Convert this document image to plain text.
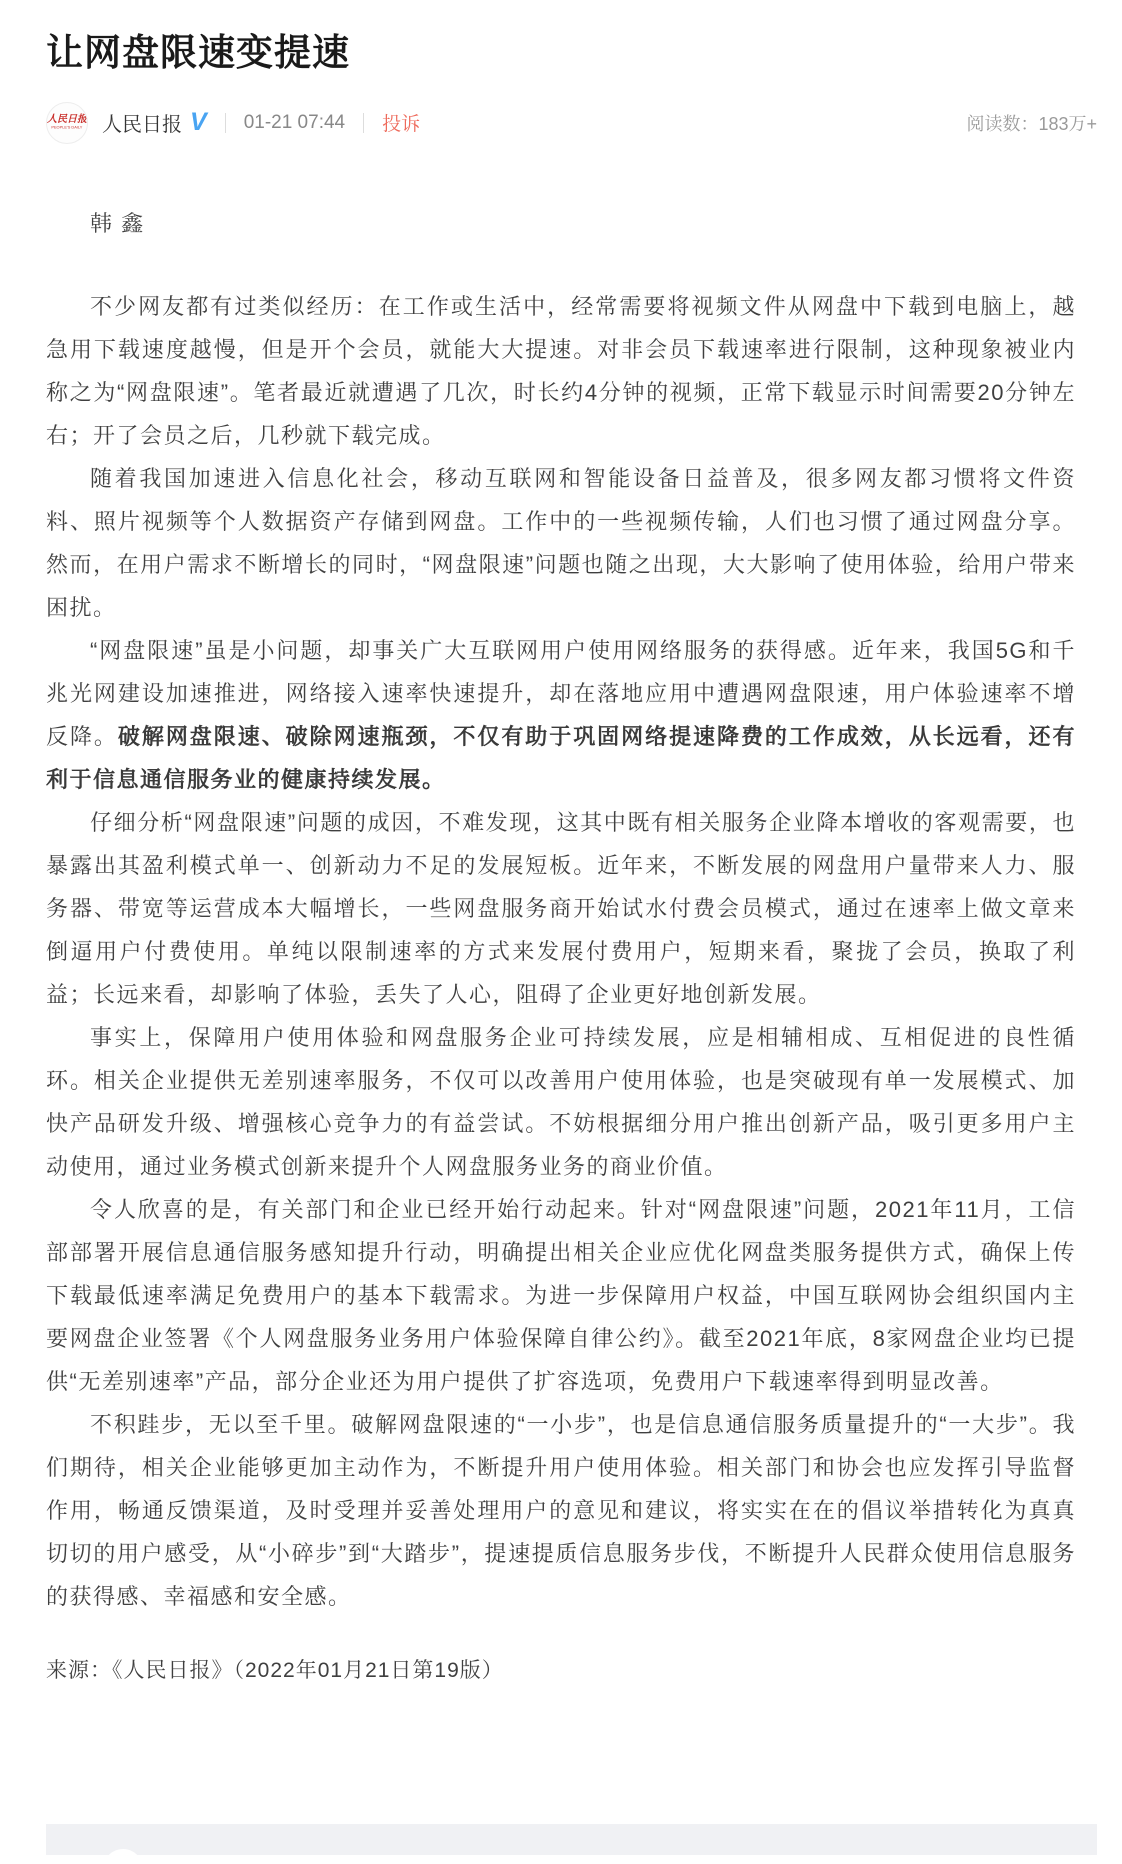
让网盘限速变提速
人民日报
PEOPLE'S DAILY 人民日报 V 01-21 07:44 投诉	阅读数：183万+

韩 鑫

不少网友都有过类似经历：在工作或生活中，经常需要将视频文件从网盘中下载到电脑上，越急用下载速度越慢，但是开个会员，就能大大提速。对非会员下载速率进行限制，这种现象被业内称之为“网盘限速”。笔者最近就遭遇了几次，时长约4分钟的视频，正常下载显示时间需要20分钟左右；开了会员之后，几秒就下载完成。

随着我国加速进入信息化社会，移动互联网和智能设备日益普及，很多网友都习惯将文件资料、照片视频等个人数据资产存储到网盘。工作中的一些视频传输，人们也习惯了通过网盘分享。然而，在用户需求不断增长的同时，“网盘限速”问题也随之出现，大大影响了使用体验，给用户带来困扰。

“网盘限速”虽是小问题，却事关广大互联网用户使用网络服务的获得感。近年来，我国5G和千兆光网建设加速推进，网络接入速率快速提升，却在落地应用中遭遇网盘限速，用户体验速率不增反降。破解网盘限速、破除网速瓶颈，不仅有助于巩固网络提速降费的工作成效，从长远看，还有利于信息通信服务业的健康持续发展。

仔细分析“网盘限速”问题的成因，不难发现，这其中既有相关服务企业降本增收的客观需要，也暴露出其盈利模式单一、创新动力不足的发展短板。近年来，不断发展的网盘用户量带来人力、服务器、带宽等运营成本大幅增长，一些网盘服务商开始试水付费会员模式，通过在速率上做文章来倒逼用户付费使用。单纯以限制速率的方式来发展付费用户，短期来看，聚拢了会员，换取了利益；长远来看，却影响了体验，丢失了人心，阻碍了企业更好地创新发展。

事实上，保障用户使用体验和网盘服务企业可持续发展，应是相辅相成、互相促进的良性循环。相关企业提供无差别速率服务，不仅可以改善用户使用体验，也是突破现有单一发展模式、加快产品研发升级、增强核心竞争力的有益尝试。不妨根据细分用户推出创新产品，吸引更多用户主动使用，通过业务模式创新来提升个人网盘服务业务的商业价值。

令人欣喜的是，有关部门和企业已经开始行动起来。针对“网盘限速”问题，2021年11月，工信部部署开展信息通信服务感知提升行动，明确提出相关企业应优化网盘类服务提供方式，确保上传下载最低速率满足免费用户的基本下载需求。为进一步保障用户权益，中国互联网协会组织国内主要网盘企业签署《个人网盘服务业务用户体验保障自律公约》。截至2021年底，8家网盘企业均已提供“无差别速率”产品，部分企业还为用户提供了扩容选项，免费用户下载速率得到明显改善。

不积跬步，无以至千里。破解网盘限速的“一小步”，也是信息通信服务质量提升的“一大步”。我们期待，相关企业能够更加主动作为，不断提升用户使用体验。相关部门和协会也应发挥引导监督作用，畅通反馈渠道，及时受理并妥善处理用户的意见和建议，将实实在在的倡议举措转化为真真切切的用户感受，从“小碎步”到“大踏步”，提速提质信息服务步伐，不断提升人民群众使用信息服务的获得感、幸福感和安全感。

来源：《人民日报》（2022年01月21日第19版）
